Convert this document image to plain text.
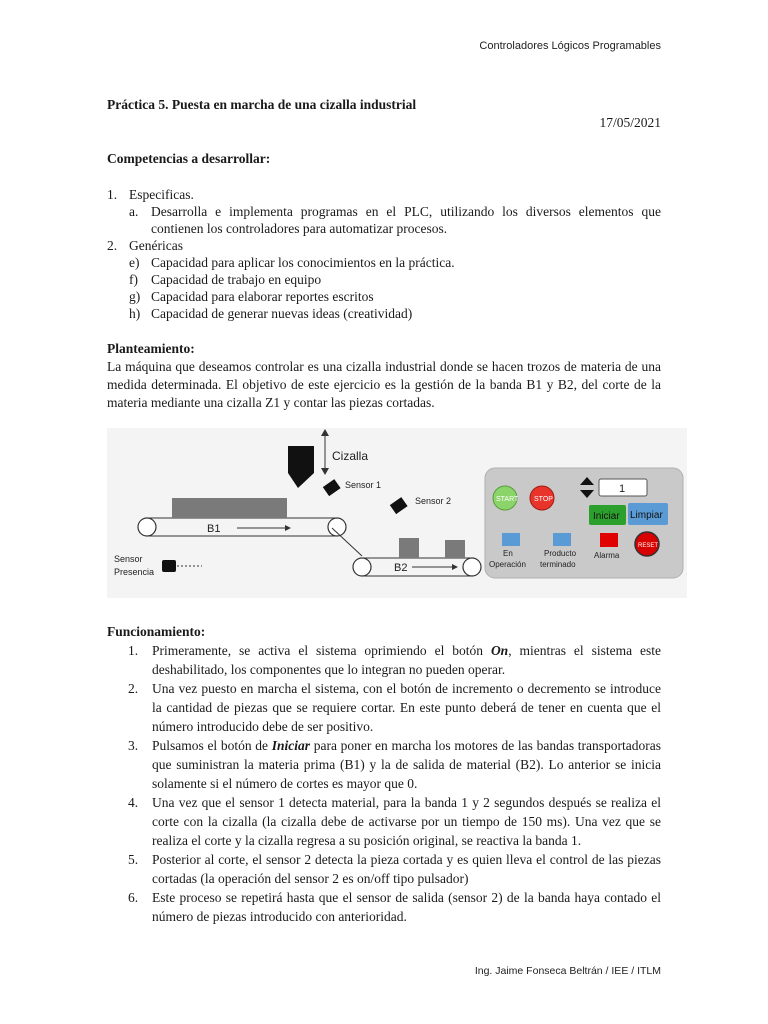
Controladores Lógicos Programables
Práctica 5. Puesta en marcha de una cizalla industrial
17/05/2021
Competencias a desarrollar:
1. Especificas.
a. Desarrolla e implementa programas en el PLC, utilizando los diversos elementos que contienen los controladores para automatizar procesos.
2. Genéricas
e) Capacidad para aplicar los conocimientos en la práctica.
f) Capacidad de trabajo en equipo
g) Capacidad para elaborar reportes escritos
h) Capacidad de generar nuevas ideas (creatividad)
Planteamiento:
La máquina que deseamos controlar es una cizalla industrial donde se hacen trozos de materia de una medida determinada. El objetivo de este ejercicio es la gestión de la banda B1 y B2, del corte de la materia mediante una cizalla Z1 y contar las piezas cortadas.
B1
B2
Cizalla
Sensor 1
Sensor 2
Sensor
Presencia
START STOP
1
Iniciar Limpiar
En
Operación
Producto
terminado
Alarma
RESET
Funcionamiento:
1.	Primeramente, se activa el sistema oprimiendo el botón On, mientras el sistema este deshabilitado, los componentes que lo integran no pueden operar.
2.	Una vez puesto en marcha el sistema, con el botón de incremento o decremento se introduce la cantidad de piezas que se requiere cortar. En este punto deberá de tener en cuenta que el número introducido debe de ser positivo.
3.	Pulsamos el botón de Iniciar para poner en marcha los motores de las bandas transportadoras que suministran la materia prima (B1) y la de salida de material (B2). Lo anterior se inicia solamente si el número de cortes es mayor que 0.
4.	Una vez que el sensor 1 detecta material, para la banda 1 y 2 segundos después se realiza el corte con la cizalla (la cizalla debe de activarse por un tiempo de 150 ms). Una vez que se realiza el corte y la cizalla regresa a su posición original, se reactiva la banda 1.
5.	Posterior al corte, el sensor 2 detecta la pieza cortada y es quien lleva el control de las piezas cortadas (la operación del sensor 2 es on/off tipo pulsador)
6.	Este proceso se repetirá hasta que el sensor de salida (sensor 2) de la banda haya contado el número de piezas introducido con anterioridad.
Ing. Jaime Fonseca Beltrán / IEE / ITLM
